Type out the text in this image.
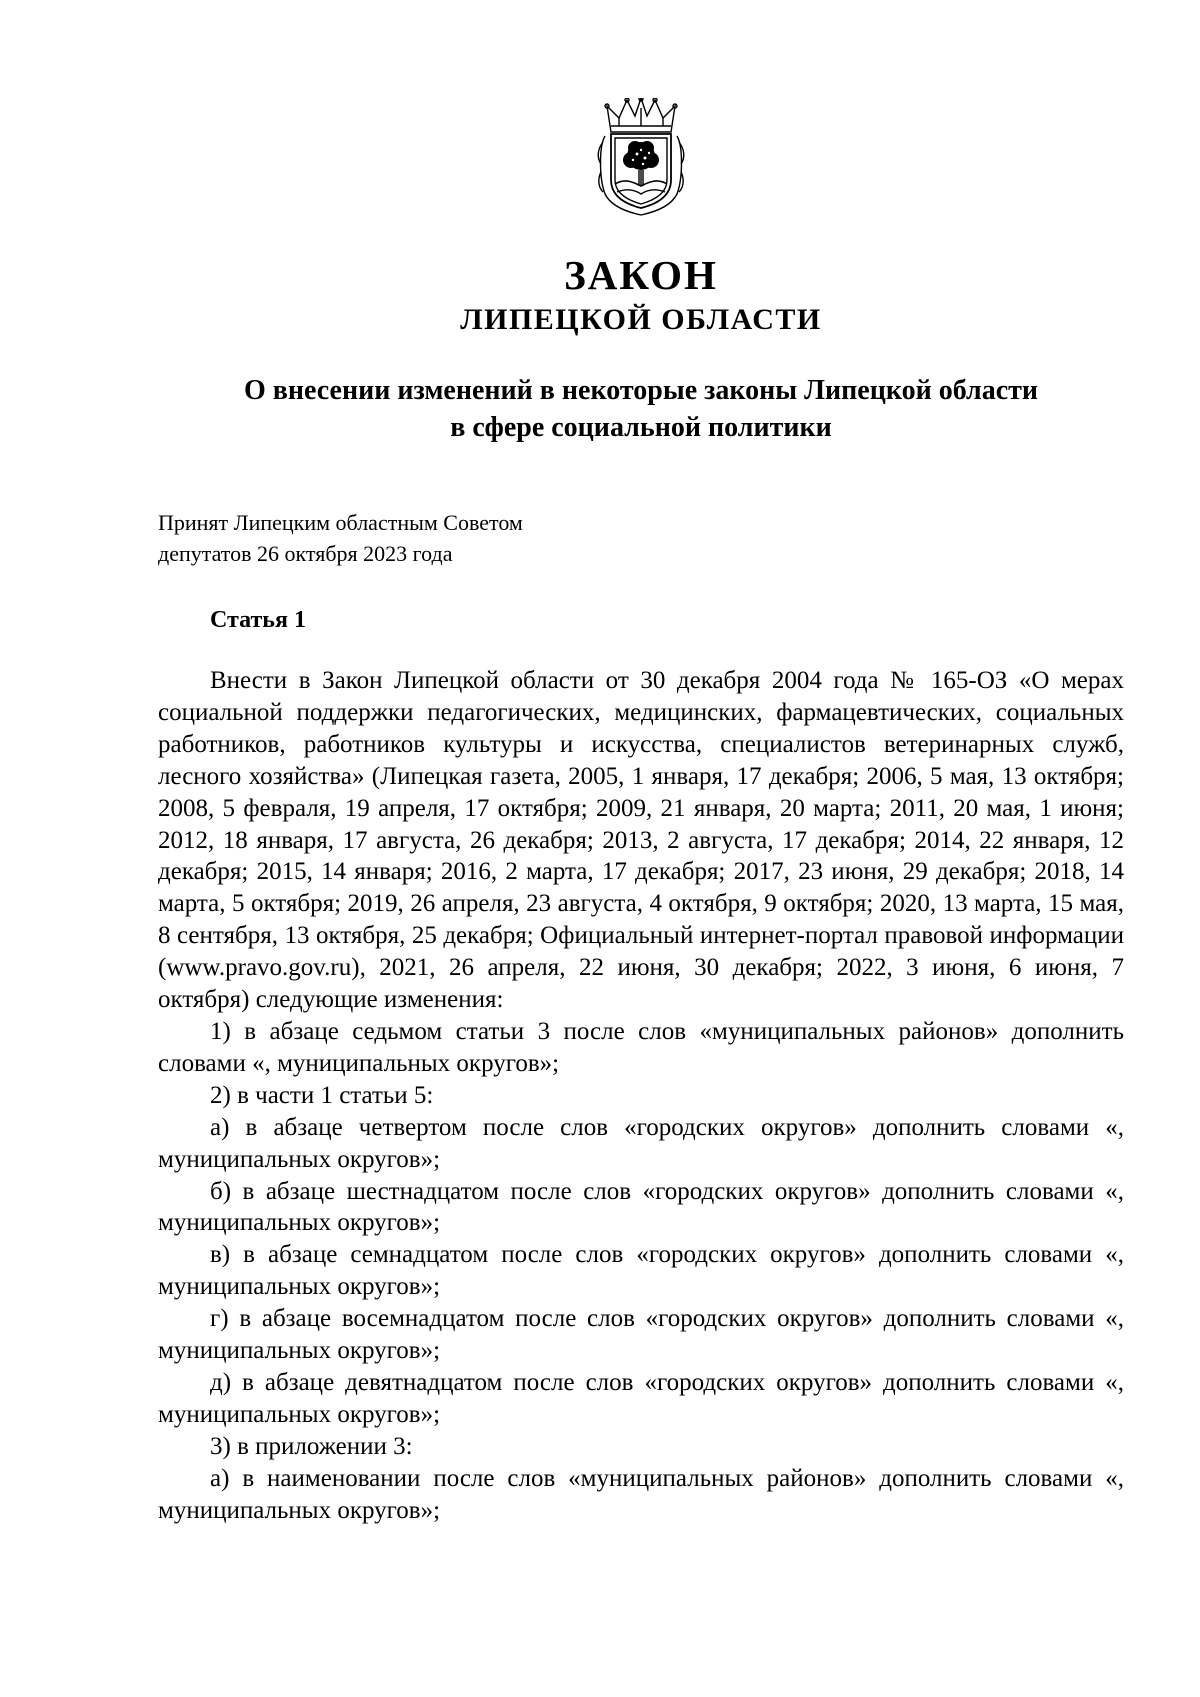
ЗАКОН
ЛИПЕЦКОЙ ОБЛАСТИ
О внесении изменений в некоторые законы Липецкой области
в сфере социальной политики
Принят Липецким областным Советом
депутатов 26 октября 2023 года
Статья 1

Внести в Закон Липецкой области от 30 декабря 2004 года № 165-ОЗ «О мерах социальной поддержки педагогических, медицинских, фармацевтических, социальных работников, работников культуры и искусства, специалистов ветеринарных служб, лесного хозяйства» (Липецкая газета, 2005, 1 января, 17 декабря; 2006, 5 мая, 13 октября; 2008, 5 февраля, 19 апреля, 17 октября; 2009, 21 января, 20 марта; 2011, 20 мая, 1 июня; 2012, 18 января, 17 августа, 26 декабря; 2013, 2 августа, 17 декабря; 2014, 22 января, 12 декабря; 2015, 14 января; 2016, 2 марта, 17 декабря; 2017, 23 июня, 29 декабря; 2018, 14 марта, 5 октября; 2019, 26 апреля, 23 августа, 4 октября, 9 октября; 2020, 13 марта, 15 мая, 8 сентября, 13 октября, 25 декабря; Официальный интернет-портал правовой информации (www.pravo.gov.ru), 2021, 26 апреля, 22 июня, 30 декабря; 2022, 3 июня, 6 июня, 7 октября) следующие изменения:

1) в абзаце седьмом статьи 3 после слов «муниципальных районов» дополнить словами «, муниципальных округов»;

2) в части 1 статьи 5:

а) в абзаце четвертом после слов «городских округов» дополнить словами «, муниципальных округов»;

б) в абзаце шестнадцатом после слов «городских округов» дополнить словами «, муниципальных округов»;

в) в абзаце семнадцатом после слов «городских округов» дополнить словами «, муниципальных округов»;

г) в абзаце восемнадцатом после слов «городских округов» дополнить словами «, муниципальных округов»;

д) в абзаце девятнадцатом после слов «городских округов» дополнить словами «, муниципальных округов»;

3) в приложении 3:

а) в наименовании после слов «муниципальных районов» дополнить словами «, муниципальных округов»;
